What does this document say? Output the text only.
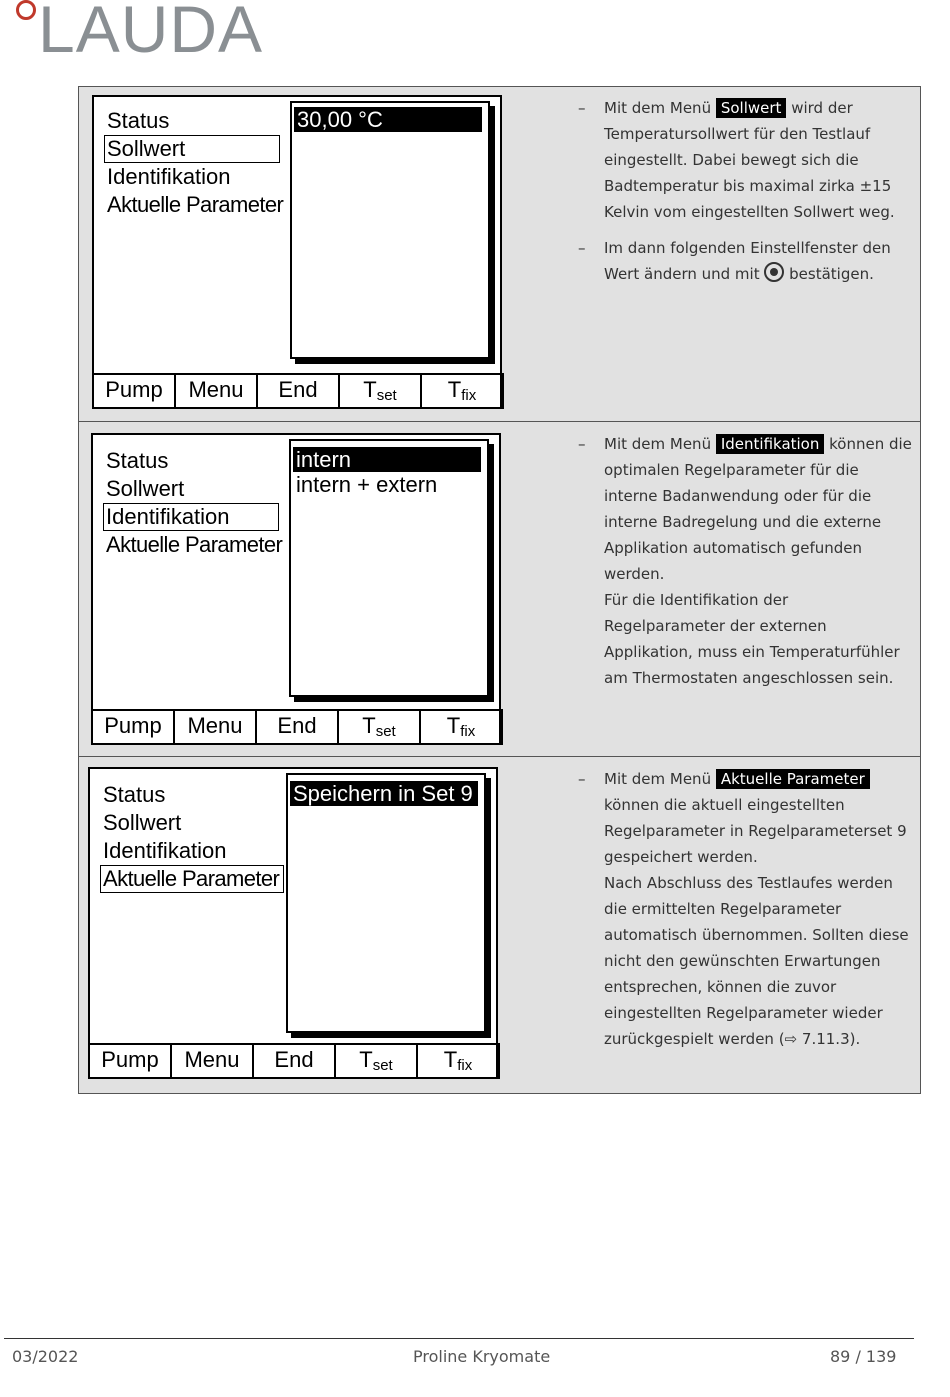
LAUDA
Status
Sollwert
Identifikation
Aktuelle Parameter
30,00 °C
Pump	Menu	End	$T_{set}$	$T_{fix}$
– Mit dem Menü Sollwert wird der Temperatursollwert für den Testlauf eingestellt. Dabei bewegt sich die Badtemperatur bis maximal zirka ±15 Kelvin vom eingestellten Sollwert weg.
– Im dann folgenden Einstellfenster den Wert ändern und mit  bestätigen.
Status
Sollwert
Identifikation
Aktuelle Parameter
intern
intern + extern
Pump	Menu	End	$T_{set}$	$T_{fix}$
– Mit dem Menü Identifikation können die optimalen Regelparameter für die interne Badanwendung oder für die interne Badregelung und die externe Applikation automatisch gefunden werden.
Für die Identifikation der Regelparameter der externen Applikation, muss ein Temperaturfühler am Thermostaten angeschlossen sein.
Status
Sollwert
Identifikation
Aktuelle Parameter
Speichern in Set 9
Pump	Menu	End	$T_{set}$	$T_{fix}$
– Mit dem Menü Aktuelle Parameter können die aktuell eingestellten Regelparameter in Regelparameterset 9 gespeichert werden.
Nach Abschluss des Testlaufes werden die ermittelten Regelparameter automatisch übernommen. Sollten diese nicht den gewünschten Erwartungen entsprechen, können die zuvor eingestellten Regelparameter wieder zurückgespielt werden (⇨ 7.11.3).
03/2022	Proline Kryomate	89 / 139
